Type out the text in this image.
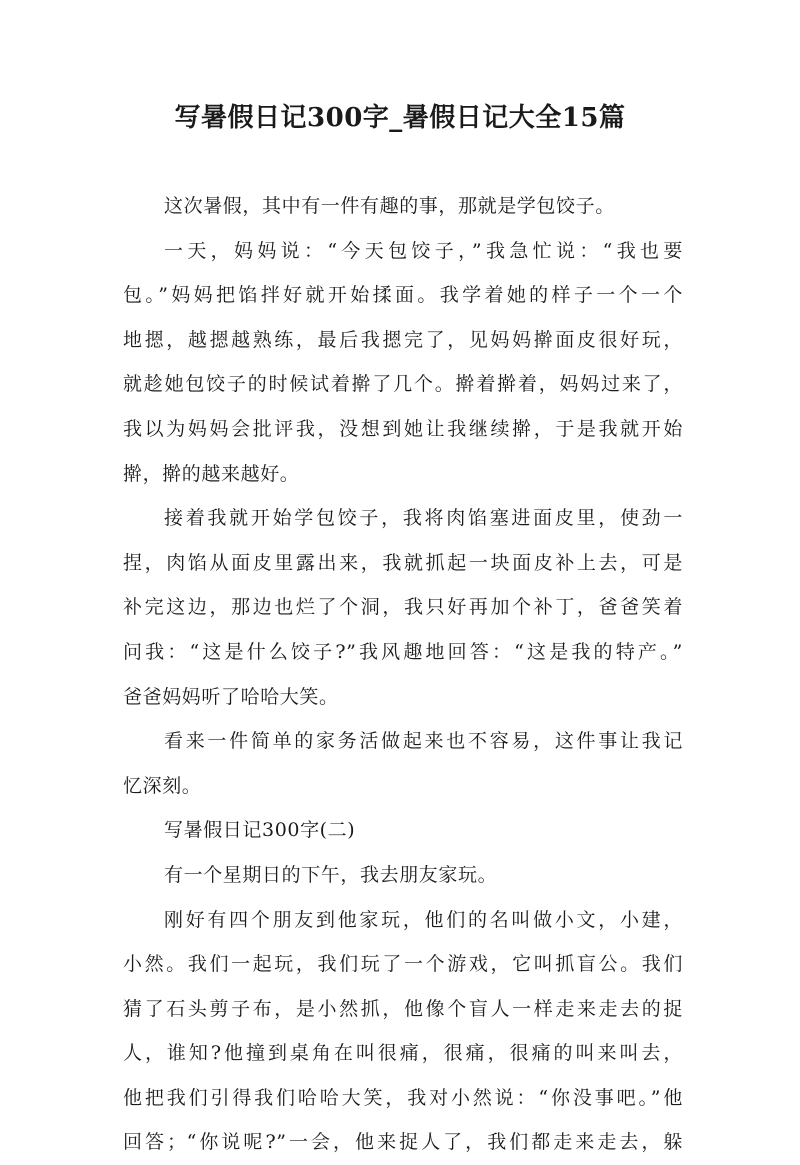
写暑假日记300字_暑假日记大全15篇
这次暑假，其中有一件有趣的事，那就是学包饺子。
一天，妈妈说：“今天包饺子，”我急忙说：“我也要
包。”妈妈把馅拌好就开始揉面。我学着她的样子一个一个
地摁，越摁越熟练，最后我摁完了，见妈妈擀面皮很好玩，
就趁她包饺子的时候试着擀了几个。擀着擀着，妈妈过来了，
我以为妈妈会批评我，没想到她让我继续擀，于是我就开始
擀，擀的越来越好。
接着我就开始学包饺子，我将肉馅塞进面皮里，使劲一
捏，肉馅从面皮里露出来，我就抓起一块面皮补上去，可是
补完这边，那边也烂了个洞，我只好再加个补丁，爸爸笑着
问我：“这是什么饺子?”我风趣地回答：“这是我的特产。”
爸爸妈妈听了哈哈大笑。
看来一件简单的家务活做起来也不容易，这件事让我记
忆深刻。
写暑假日记300字(二)
有一个星期日的下午，我去朋友家玩。
刚好有四个朋友到他家玩，他们的名叫做小文，小建，
小然。我们一起玩，我们玩了一个游戏，它叫抓盲公。我们
猜了石头剪子布，是小然抓，他像个盲人一样走来走去的捉
人，谁知?他撞到桌角在叫很痛，很痛，很痛的叫来叫去，
他把我们引得我们哈哈大笑，我对小然说：“你没事吧。”他
回答；“你说呢?”一会，他来捉人了，我们都走来走去，躲
